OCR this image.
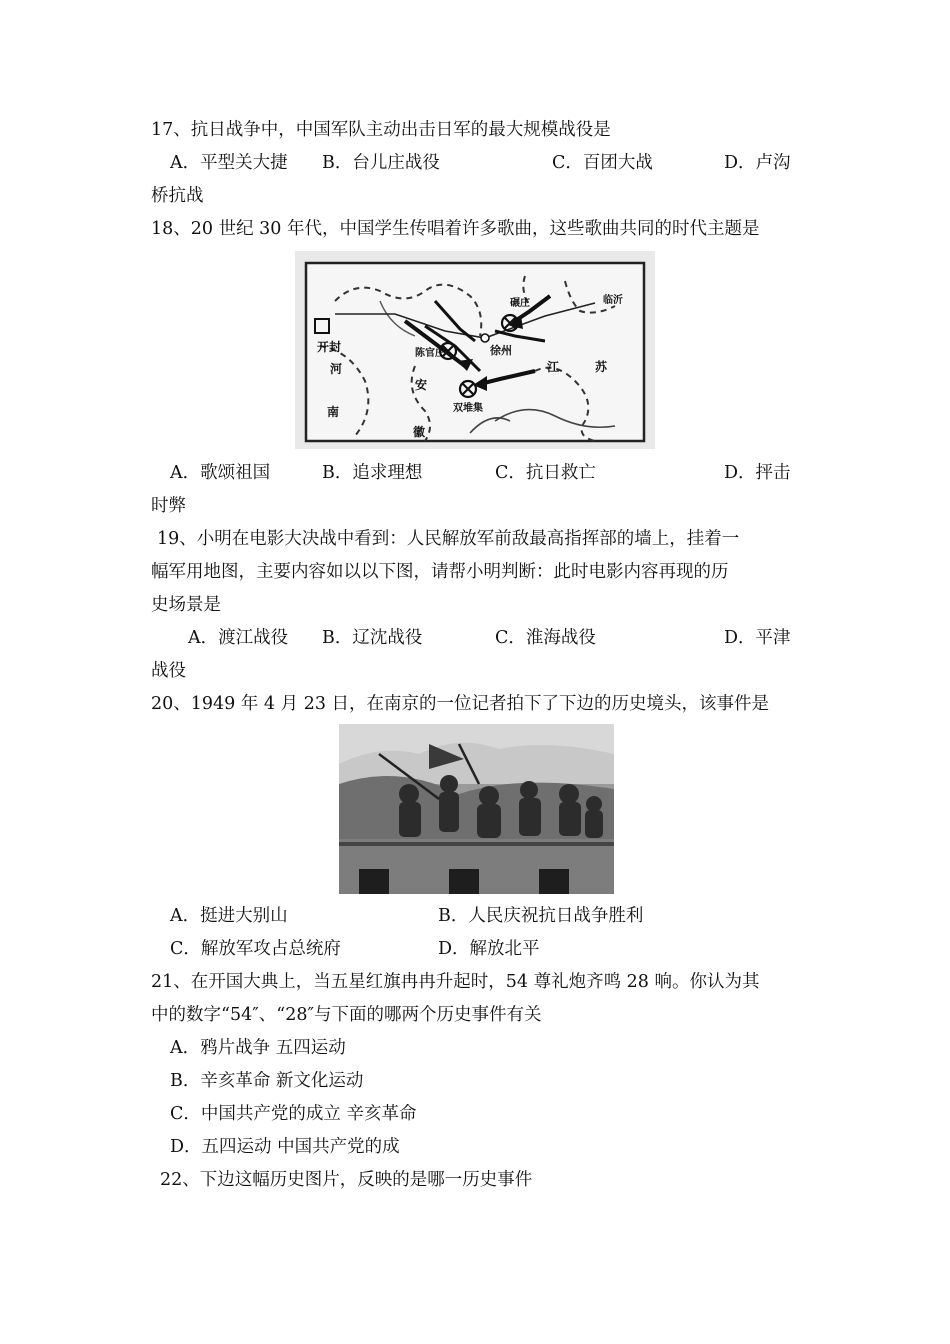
17、抗日战争中，中国军队主动出击日军的最大规模战役是
A．平型关大捷 B．台儿庄战役	C．百团大战	D．卢沟
桥抗战
18、20 世纪 30 年代，中国学生传唱着许多歌曲，这些歌曲共同的时代主题是
开封	陈官庄	徐州
碾庄
双堆集
临沂
河
南
安
徽
江	苏
A．歌颂祖国	B．追求理想	C．抗日救亡	D．抨击
时弊
19、小明在电影大决战中看到：人民解放军前敌最高指挥部的墙上，挂着一
幅军用地图，主要内容如以以下图，请帮小明判断：此时电影内容再现的历
史场景是
A．渡江战役 B．辽沈战役	C．淮海战役	D．平津
战役
20、1949 年 4 月 23 日，在南京的一位记者拍下了下边的历史境头，该事件是
A．挺进大别山	B．人民庆祝抗日战争胜利
C．解放军攻占总统府	D．解放北平
21、在开国大典上，当五星红旗冉冉升起时，54 尊礼炮齐鸣 28 响。你认为其
中的数字“54″、“28″与下面的哪两个历史事件有关
A．鸦片战争 五四运动
B．辛亥革命 新文化运动
C．中国共产党的成立 辛亥革命
D．五四运动 中国共产党的成
22、下边这幅历史图片，反映的是哪一历史事件
